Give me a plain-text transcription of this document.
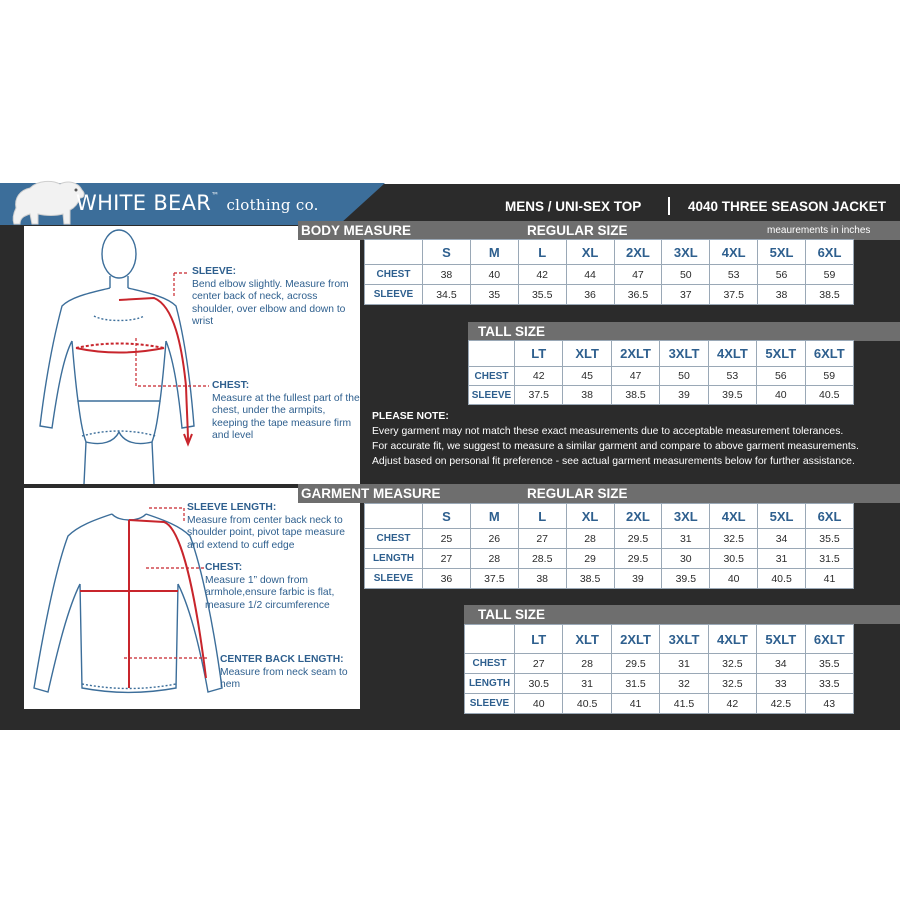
WHITE BEAR™ clothing co.	MENS / UNI-SEX TOP	4040 THREE SEASON JACKET
SLEEVE:
Bend elbow slightly. Measure from center back of neck, across shoulder, over elbow and down to wrist
CHEST:
Measure at the fullest part of the chest, under the armpits, keeping the tape measure firm and level
SLEEVE LENGTH:
Measure from center back neck to shoulder point, pivot tape measure and extend to cuff edge
CHEST:
Measure 1” down from armhole,ensure farbic is flat, measure 1/2 circumference
CENTER BACK LENGTH:
Measure from neck seam to hem
BODY MEASURE	REGULAR SIZE	meaurements in inches
	S	M	L	XL	2XL	3XL	4XL	5XL	6XL
CHEST	38	40	42	44	47	50	53	56	59
SLEEVE	34.5	35	35.5	36	36.5	37	37.5	38	38.5
TALL SIZE
	LT	XLT	2XLT	3XLT	4XLT	5XLT	6XLT
CHEST	42	45	47	50	53	56	59
SLEEVE	37.5	38	38.5	39	39.5	40	40.5
PLEASE NOTE:
Every garment may not match these exact measurements due to acceptable measurement tolerances.
For accurate fit, we suggest to measure a similar garment and compare to above garment measurements.
Adjust based on personal fit preference - see actual garment measurements below for further assistance.
GARMENT MEASURE	REGULAR SIZE
	S	M	L	XL	2XL	3XL	4XL	5XL	6XL
CHEST	25	26	27	28	29.5	31	32.5	34	35.5
LENGTH	27	28	28.5	29	29.5	30	30.5	31	31.5
SLEEVE	36	37.5	38	38.5	39	39.5	40	40.5	41
TALL SIZE
	LT	XLT	2XLT	3XLT	4XLT	5XLT	6XLT
CHEST	27	28	29.5	31	32.5	34	35.5
LENGTH	30.5	31	31.5	32	32.5	33	33.5
SLEEVE	40	40.5	41	41.5	42	42.5	43
